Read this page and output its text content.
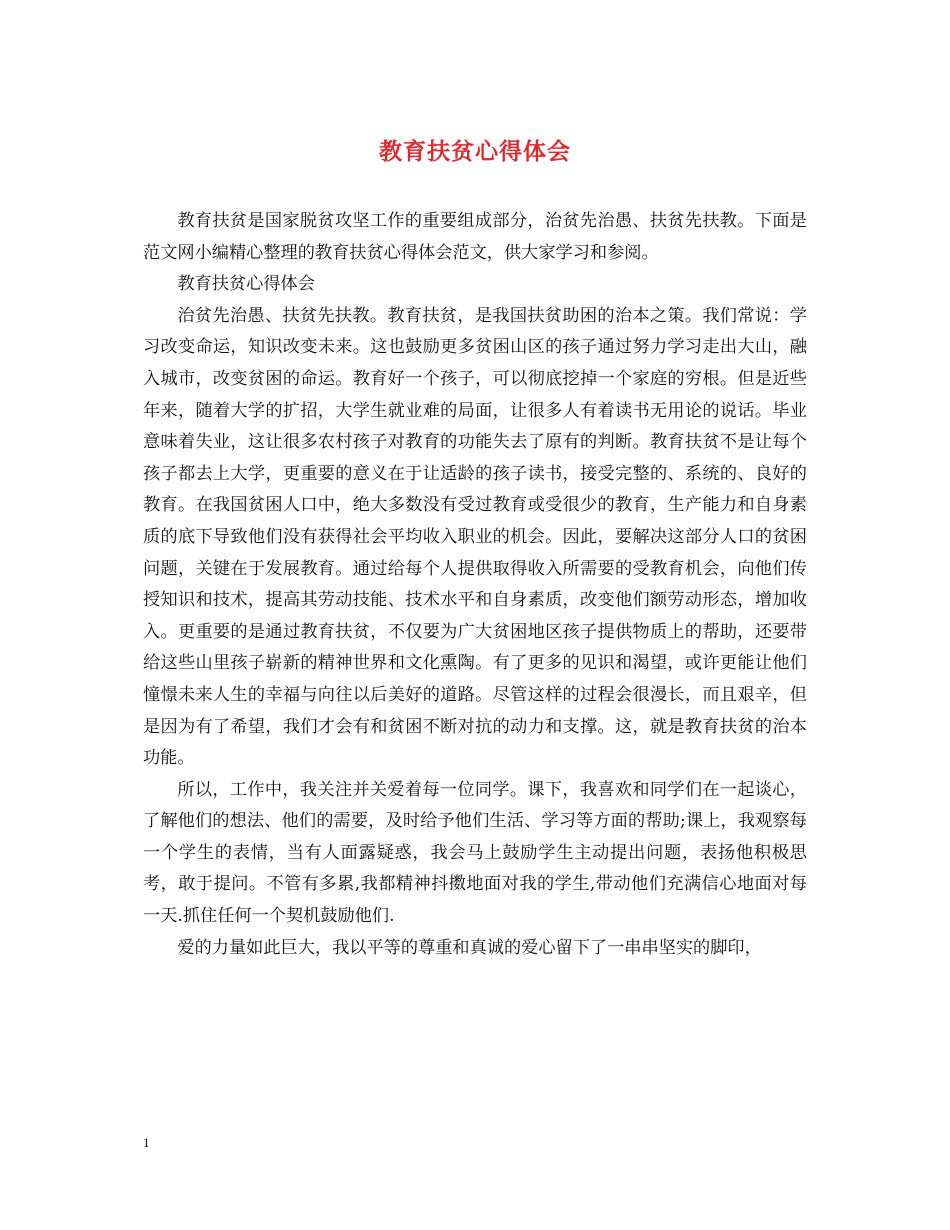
教育扶贫心得体会

教育扶贫是国家脱贫攻坚工作的重要组成部分，治贫先治愚、扶贫先扶教。下面是范文网小编精心整理的教育扶贫心得体会范文，供大家学习和参阅。

教育扶贫心得体会

治贫先治愚、扶贫先扶教。教育扶贫，是我国扶贫助困的治本之策。我们常说：学习改变命运，知识改变未来。这也鼓励更多贫困山区的孩子通过努力学习走出大山，融入城市，改变贫困的命运。教育好一个孩子，可以彻底挖掉一个家庭的穷根。但是近些年来，随着大学的扩招，大学生就业难的局面，让很多人有着读书无用论的说话。毕业意味着失业，这让很多农村孩子对教育的功能失去了原有的判断。教育扶贫不是让每个孩子都去上大学，更重要的意义在于让适龄的孩子读书，接受完整的、系统的、良好的教育。在我国贫困人口中，绝大多数没有受过教育或受很少的教育，生产能力和自身素质的底下导致他们没有获得社会平均收入职业的机会。因此，要解决这部分人口的贫困问题，关键在于发展教育。通过给每个人提供取得收入所需要的受教育机会，向他们传授知识和技术，提高其劳动技能、技术水平和自身素质，改变他们额劳动形态，增加收入。更重要的是通过教育扶贫，不仅要为广大贫困地区孩子提供物质上的帮助，还要带给这些山里孩子崭新的精神世界和文化熏陶。有了更多的见识和渴望，或许更能让他们憧憬未来人生的幸福与向往以后美好的道路。尽管这样的过程会很漫长，而且艰辛，但是因为有了希望，我们才会有和贫困不断对抗的动力和支撑。这，就是教育扶贫的治本功能。

所以，工作中，我关注并关爱着每一位同学。课下，我喜欢和同学们在一起谈心，了解他们的想法、他们的需要，及时给予他们生活、学习等方面的帮助;课上，我观察每一个学生的表情，当有人面露疑惑，我会马上鼓励学生主动提出问题，表扬他积极思考，敢于提问。不管有多累,我都精神抖擞地面对我的学生,带动他们充满信心地面对每一天.抓住任何一个契机鼓励他们.

爱的力量如此巨大，我以平等的尊重和真诚的爱心留下了一串串坚实的脚印，

1
